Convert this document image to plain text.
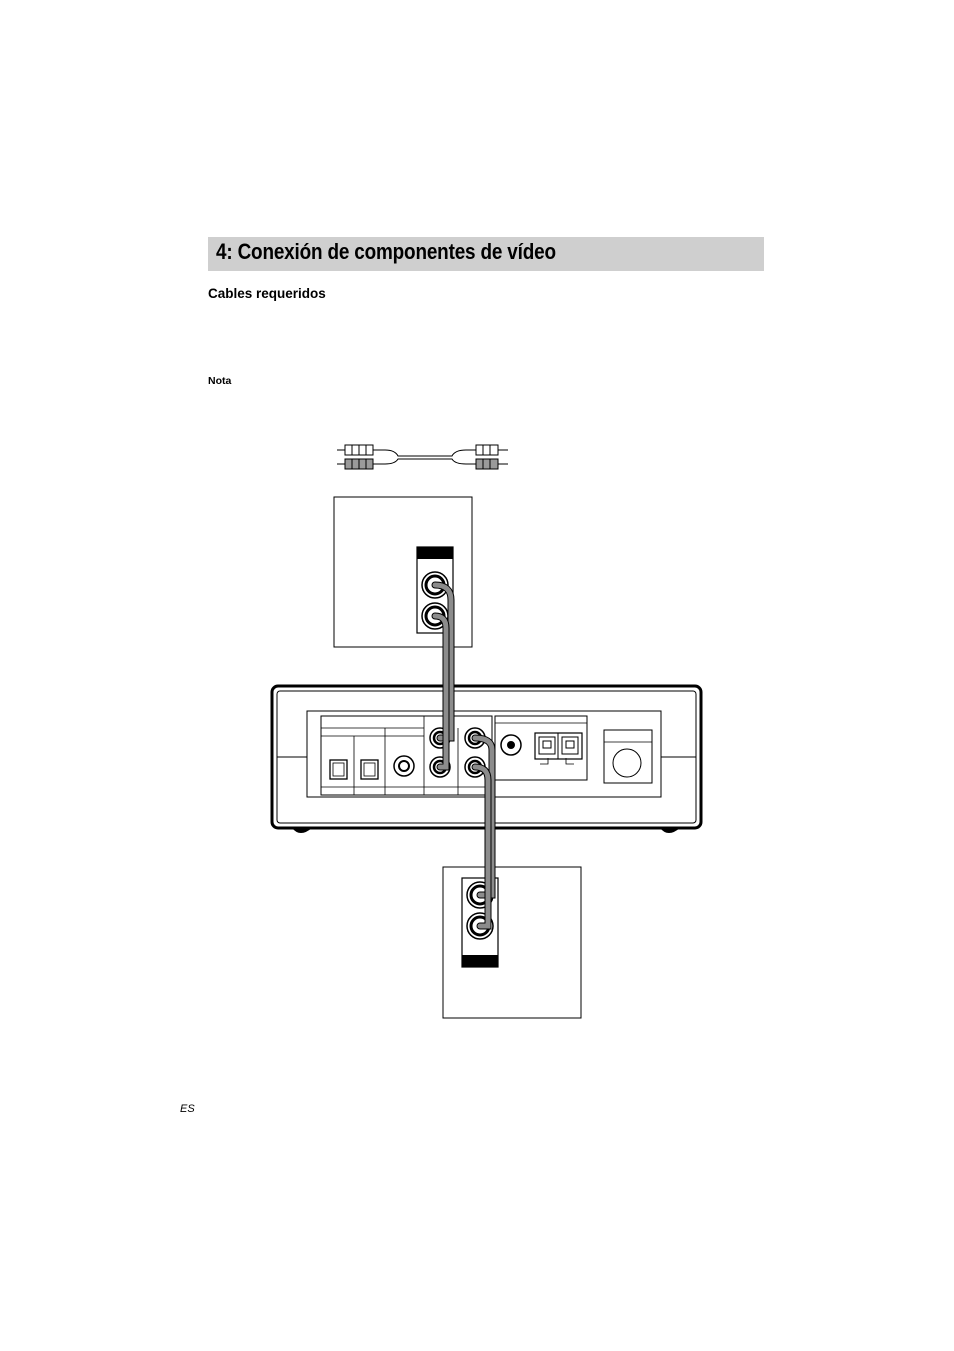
4: Conexión de componentes de vídeo
Cables requeridos
Nota
ES
